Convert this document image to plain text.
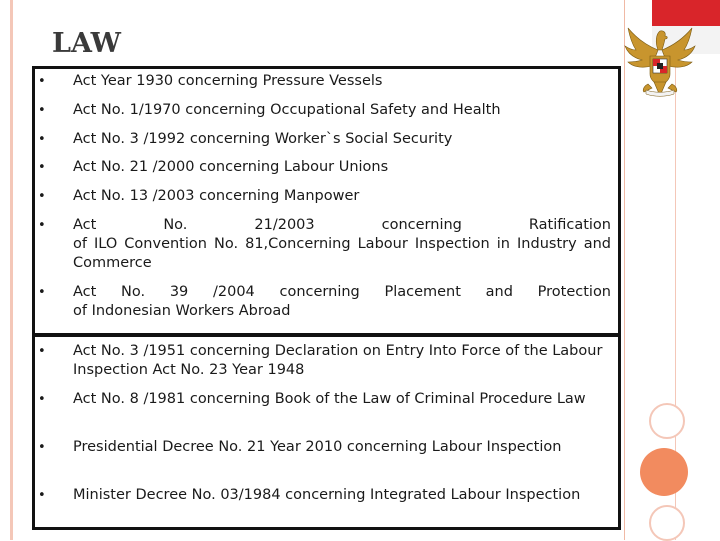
LAW
•	Act Year 1930 concerning Pressure Vessels
•	Act No. 1/1970 concerning Occupational Safety and Health
•	Act No. 3 /1992 concerning Worker`s Social Security
•	Act No. 21 /2000 concerning Labour Unions
•	Act No. 13 /2003 concerning Manpower
•	Act No. 21/2003 concerning Ratification
of ILO Convention No. 81,Concerning Labour Inspection in Industry and Commerce
•	Act No. 39 /2004 concerning Placement and Protection
of Indonesian Workers Abroad
•	Act No. 3 /1951 concerning Declaration on Entry Into Force of the Labour Inspection Act No. 23 Year 1948
•	Act No. 8 /1981 concerning Book of the Law of Criminal Procedure Law
•	Presidential Decree No. 21 Year 2010 concerning Labour Inspection
•	Minister Decree No. 03/1984 concerning Integrated Labour Inspection
